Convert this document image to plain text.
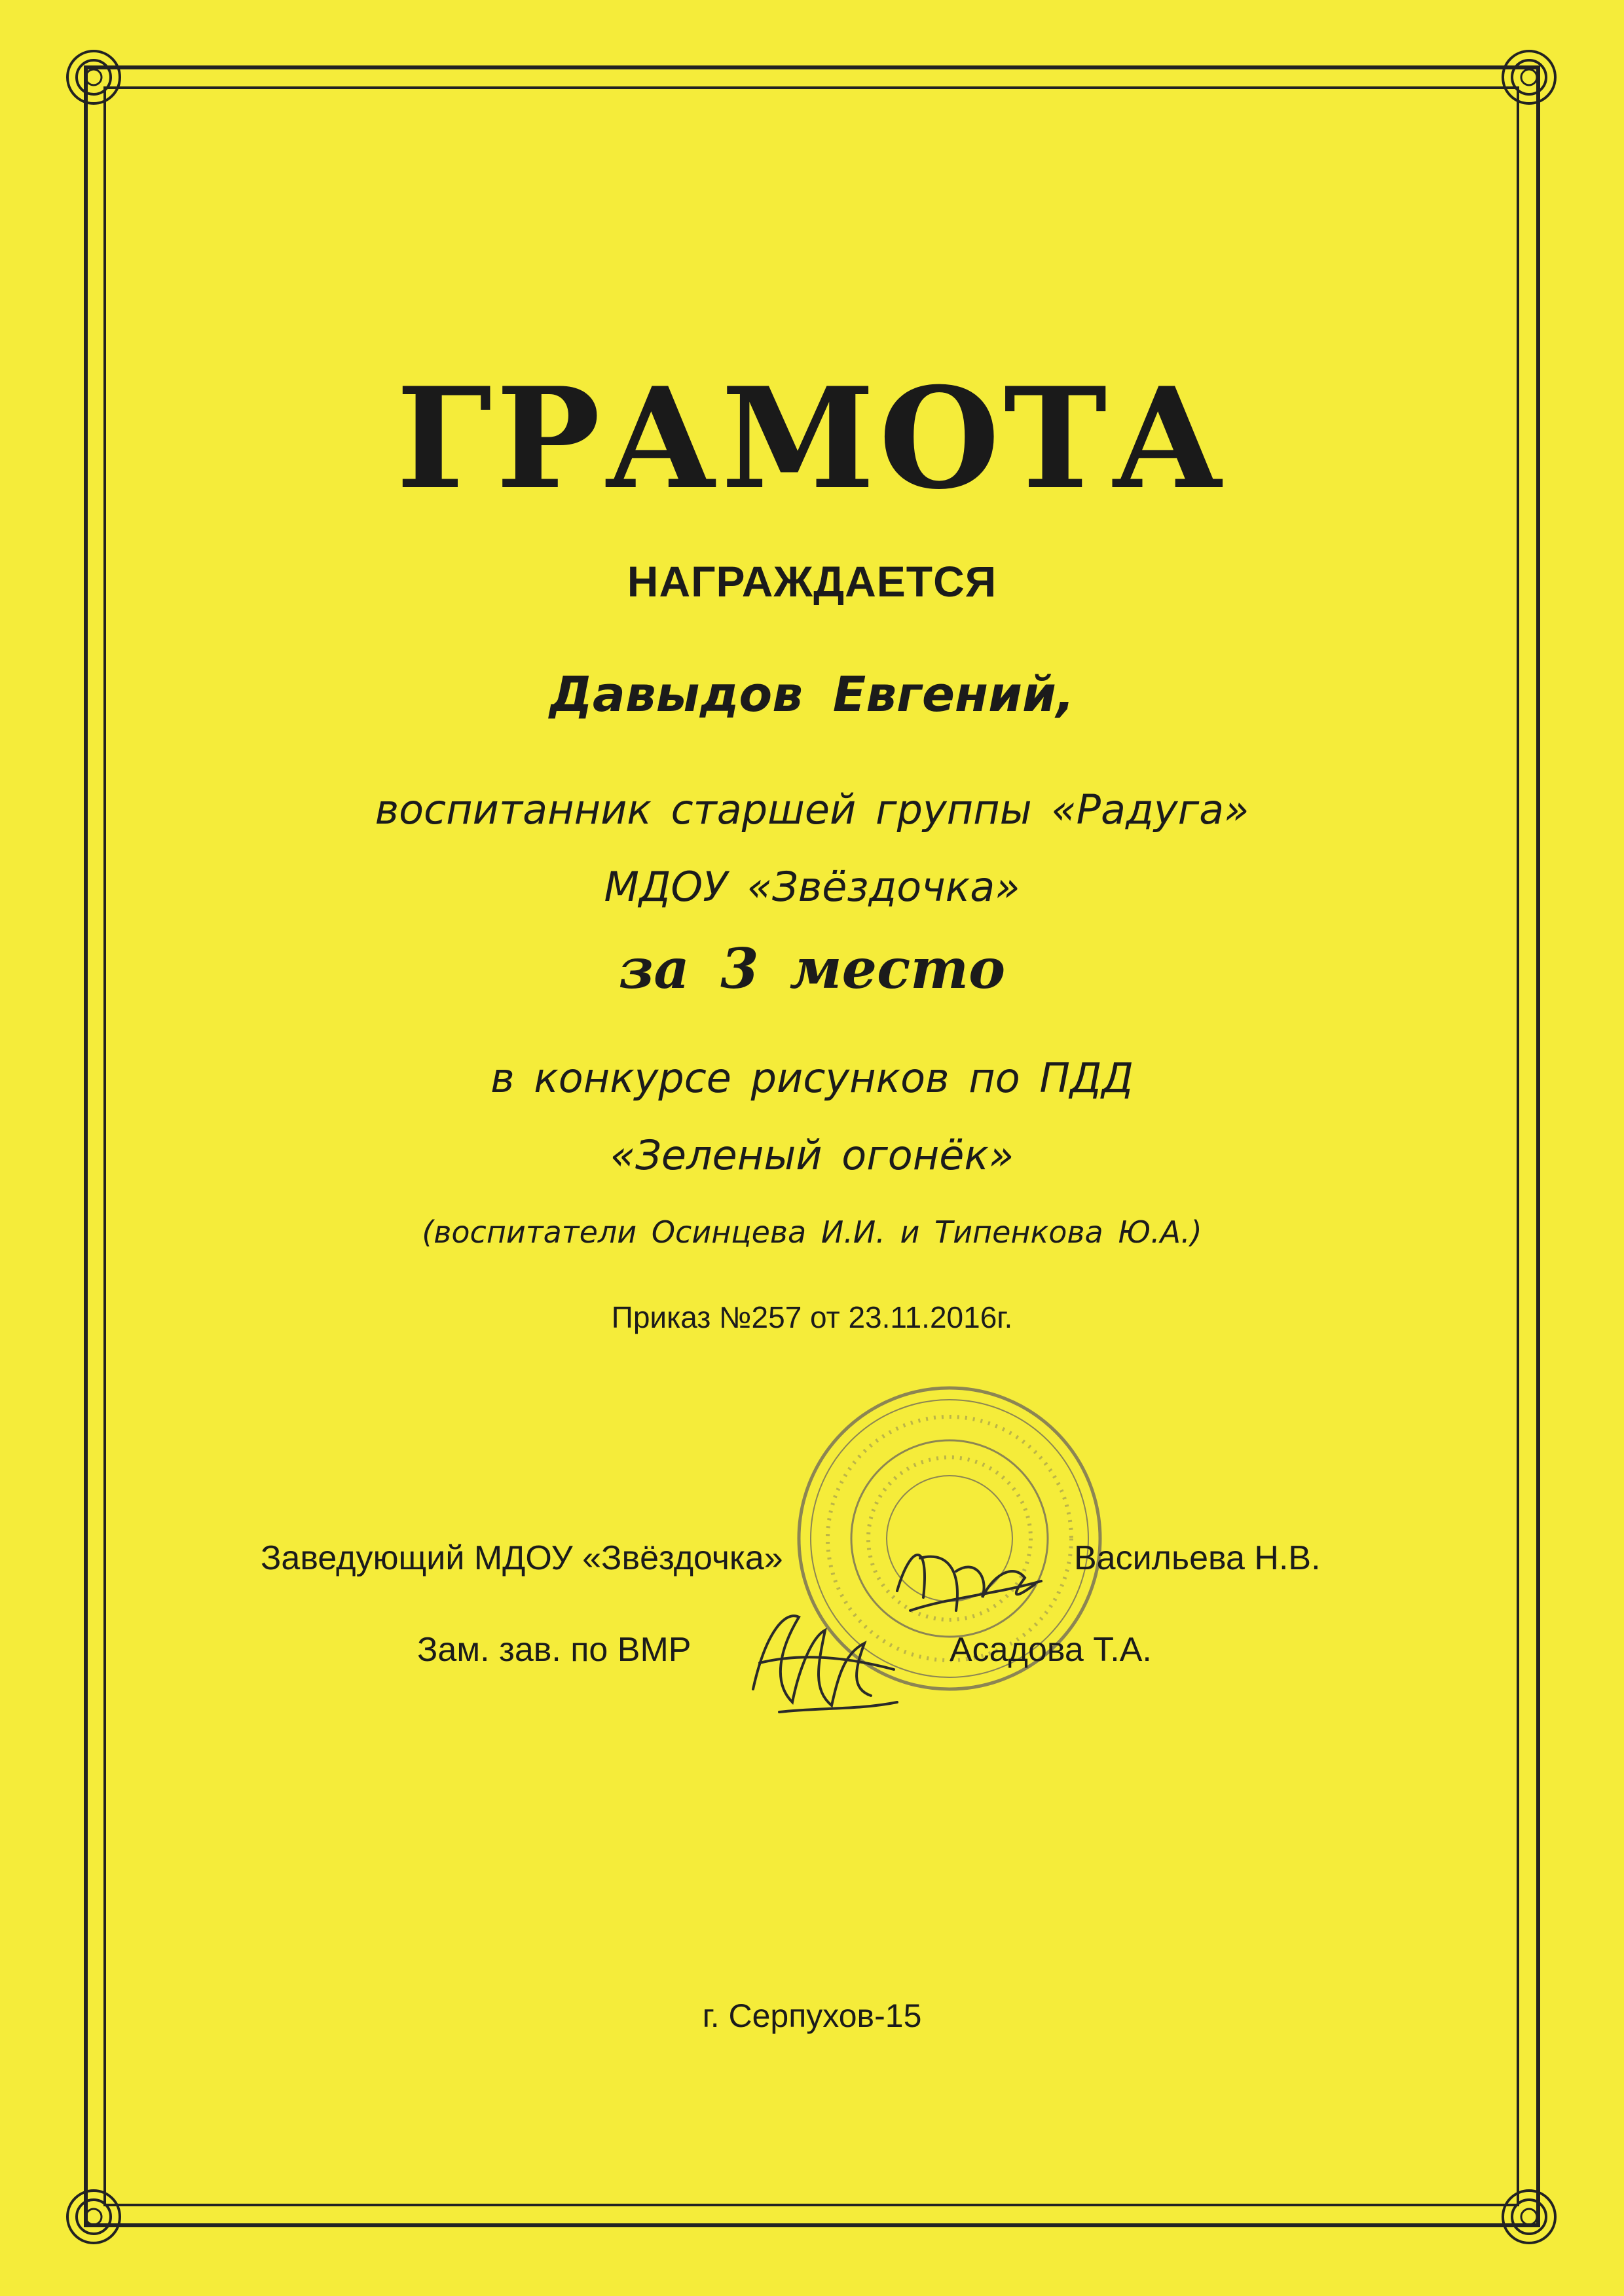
ГРАМОТА
НАГРАЖДАЕТСЯ
Давыдов Евгений,
воспитанник старшей группы «Радуга»
МДОУ «Звёздочка»
за 3 место
в конкурсе рисунков по ПДД
«Зеленый огонёк»
(воспитатели Осинцева И.И. и Типенкова Ю.А.)
Приказ №257 от 23.11.2016г.
Заведующий МДОУ «Звёздочка»	Васильева Н.В.
Зам. зав. по ВМР	Асадова Т.А.
г. Серпухов-15
